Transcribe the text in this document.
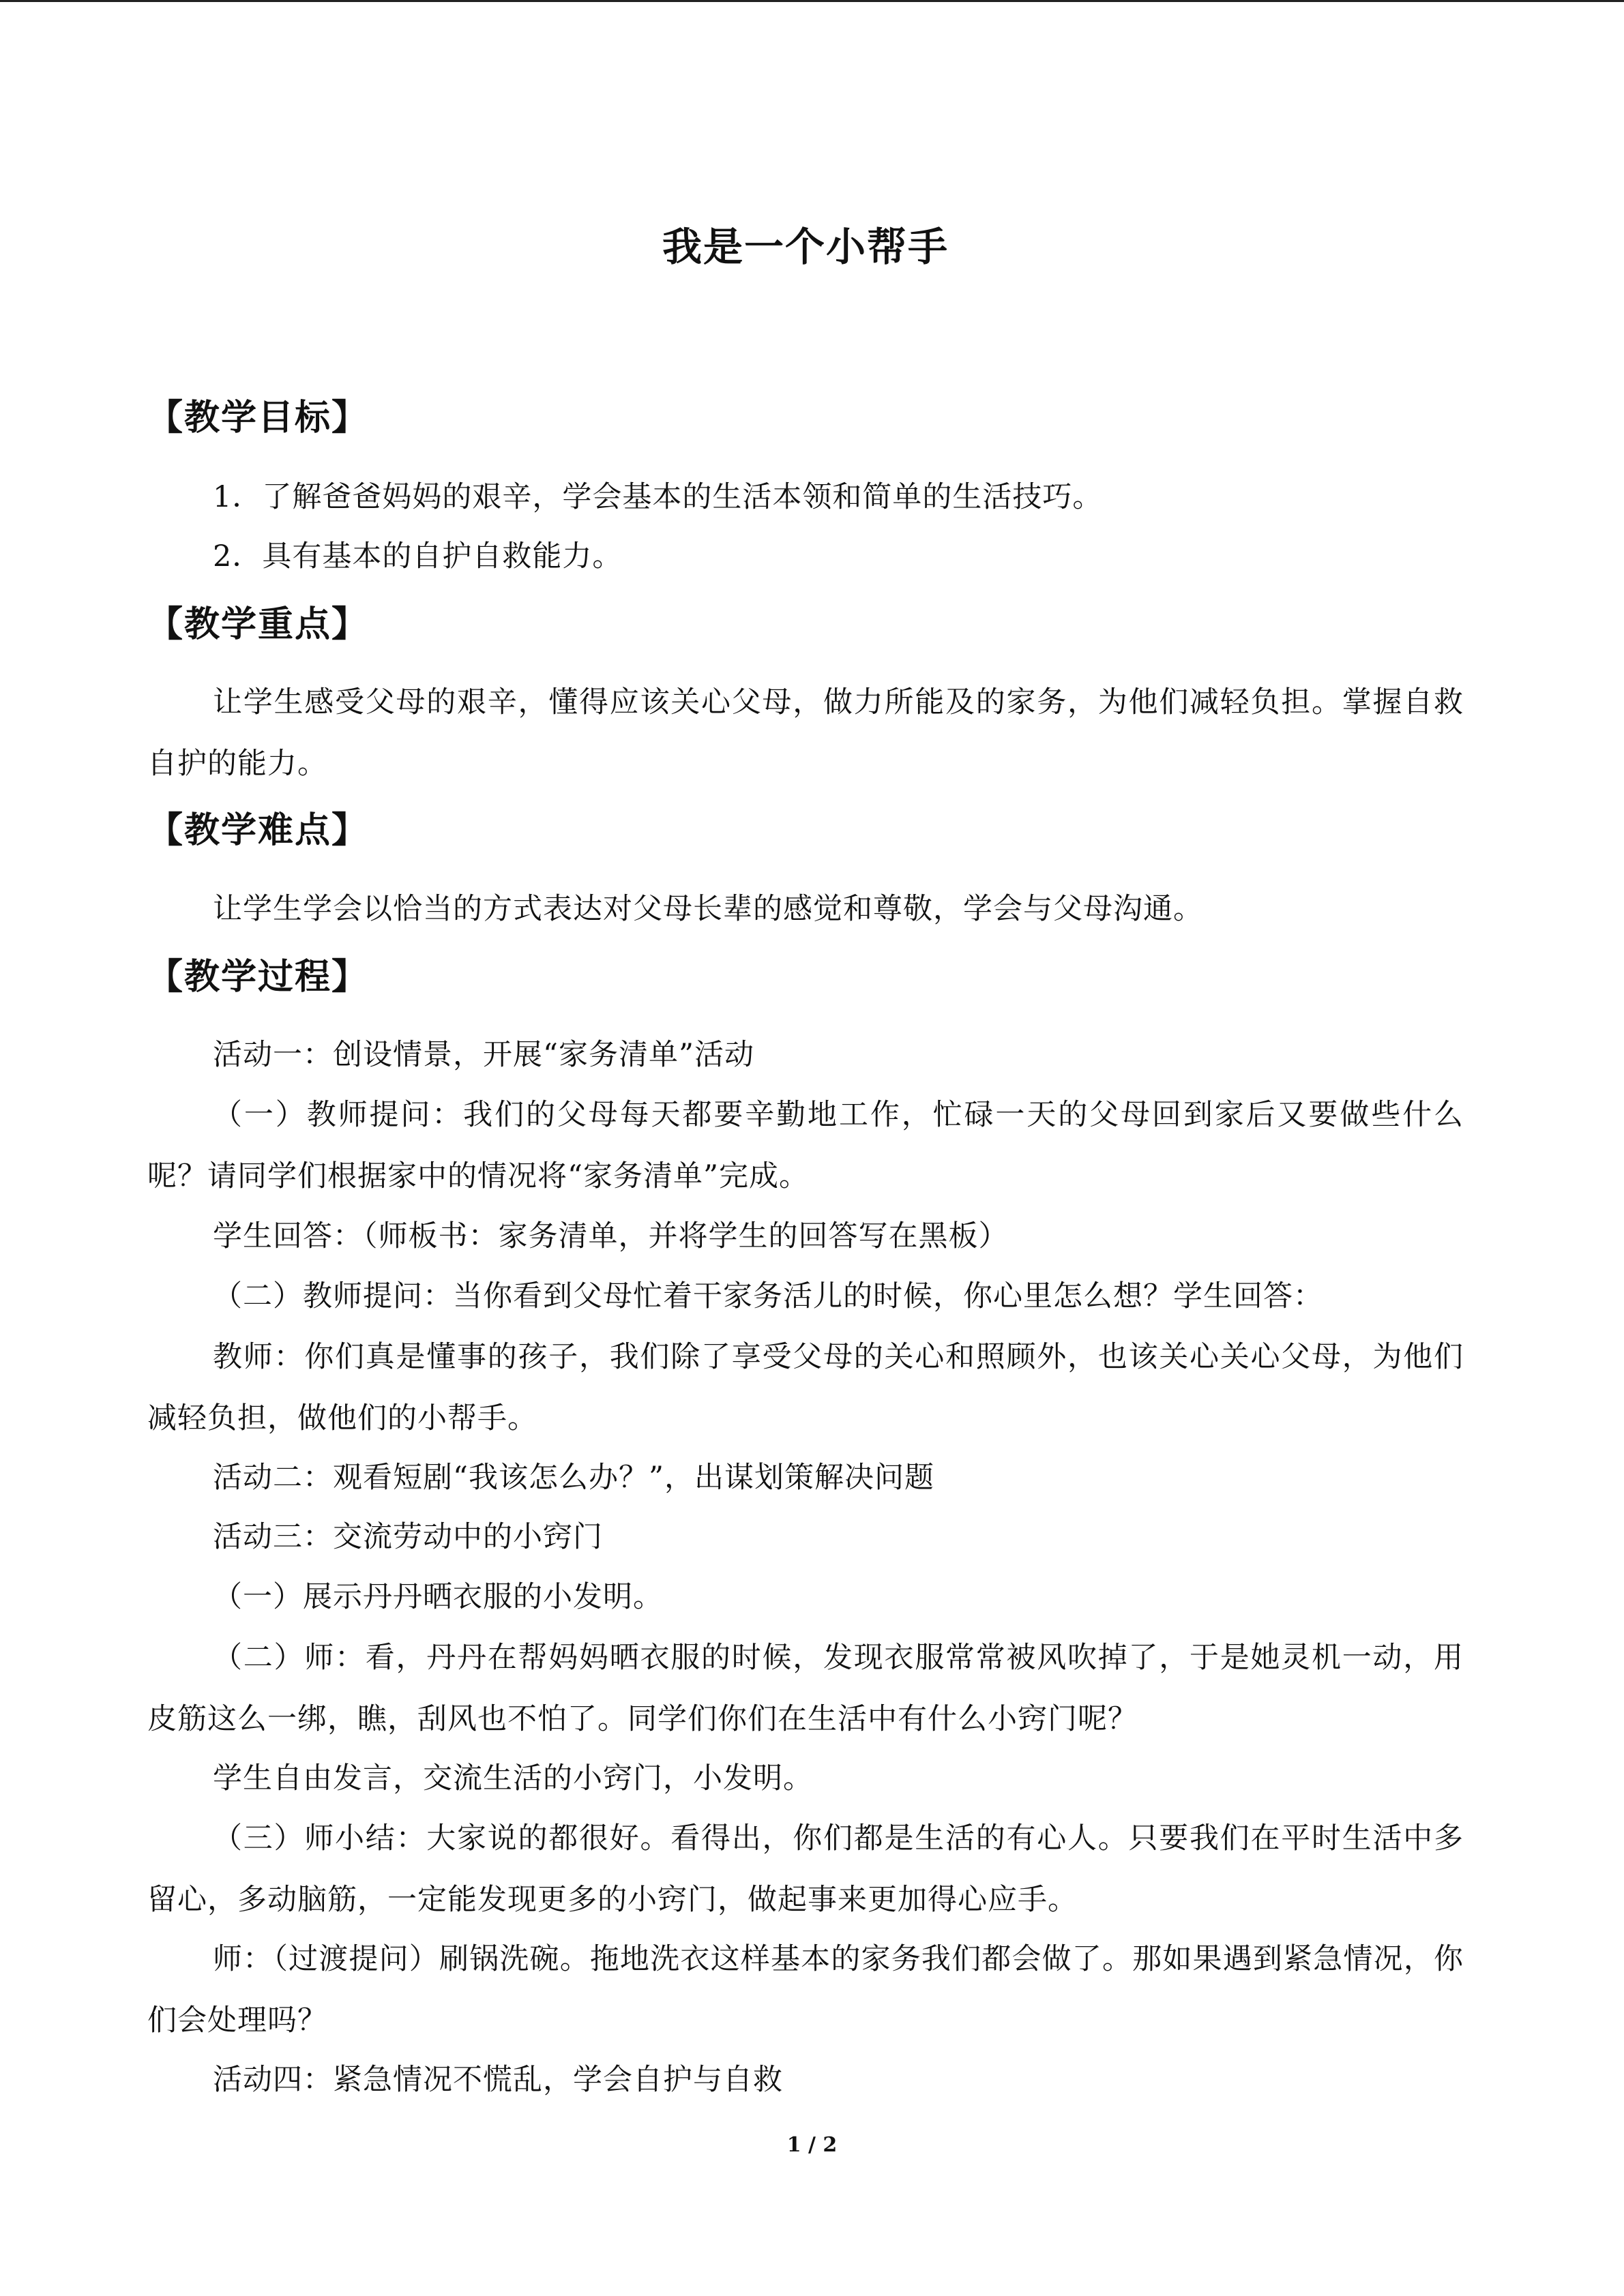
我是一个小帮手
【教学目标】

1．了解爸爸妈妈的艰辛，学会基本的生活本领和简单的生活技巧。

2．具有基本的自护自救能力。

【教学重点】

让学生感受父母的艰辛，懂得应该关心父母，做力所能及的家务，为他们减轻负担。掌握自救自护的能力。

【教学难点】

让学生学会以恰当的方式表达对父母长辈的感觉和尊敬，学会与父母沟通。

【教学过程】

活动一：创设情景，开展“家务清单”活动

（一）教师提问：我们的父母每天都要辛勤地工作，忙碌一天的父母回到家后又要做些什么呢？请同学们根据家中的情况将“家务清单”完成。

学生回答：（师板书：家务清单，并将学生的回答写在黑板）

（二）教师提问：当你看到父母忙着干家务活儿的时候，你心里怎么想？学生回答：

教师：你们真是懂事的孩子，我们除了享受父母的关心和照顾外，也该关心关心父母，为他们减轻负担，做他们的小帮手。

活动二：观看短剧“我该怎么办？”，出谋划策解决问题

活动三：交流劳动中的小窍门

（一）展示丹丹晒衣服的小发明。

（二）师：看，丹丹在帮妈妈晒衣服的时候，发现衣服常常被风吹掉了，于是她灵机一动，用皮筋这么一绑，瞧，刮风也不怕了。同学们你们在生活中有什么小窍门呢？

学生自由发言，交流生活的小窍门，小发明。

（三）师小结：大家说的都很好。看得出，你们都是生活的有心人。只要我们在平时生活中多留心，多动脑筋，一定能发现更多的小窍门，做起事来更加得心应手。

师：（过渡提问）刷锅洗碗。拖地洗衣这样基本的家务我们都会做了。那如果遇到紧急情况，你们会处理吗？

活动四：紧急情况不慌乱，学会自护与自救

1 / 2
